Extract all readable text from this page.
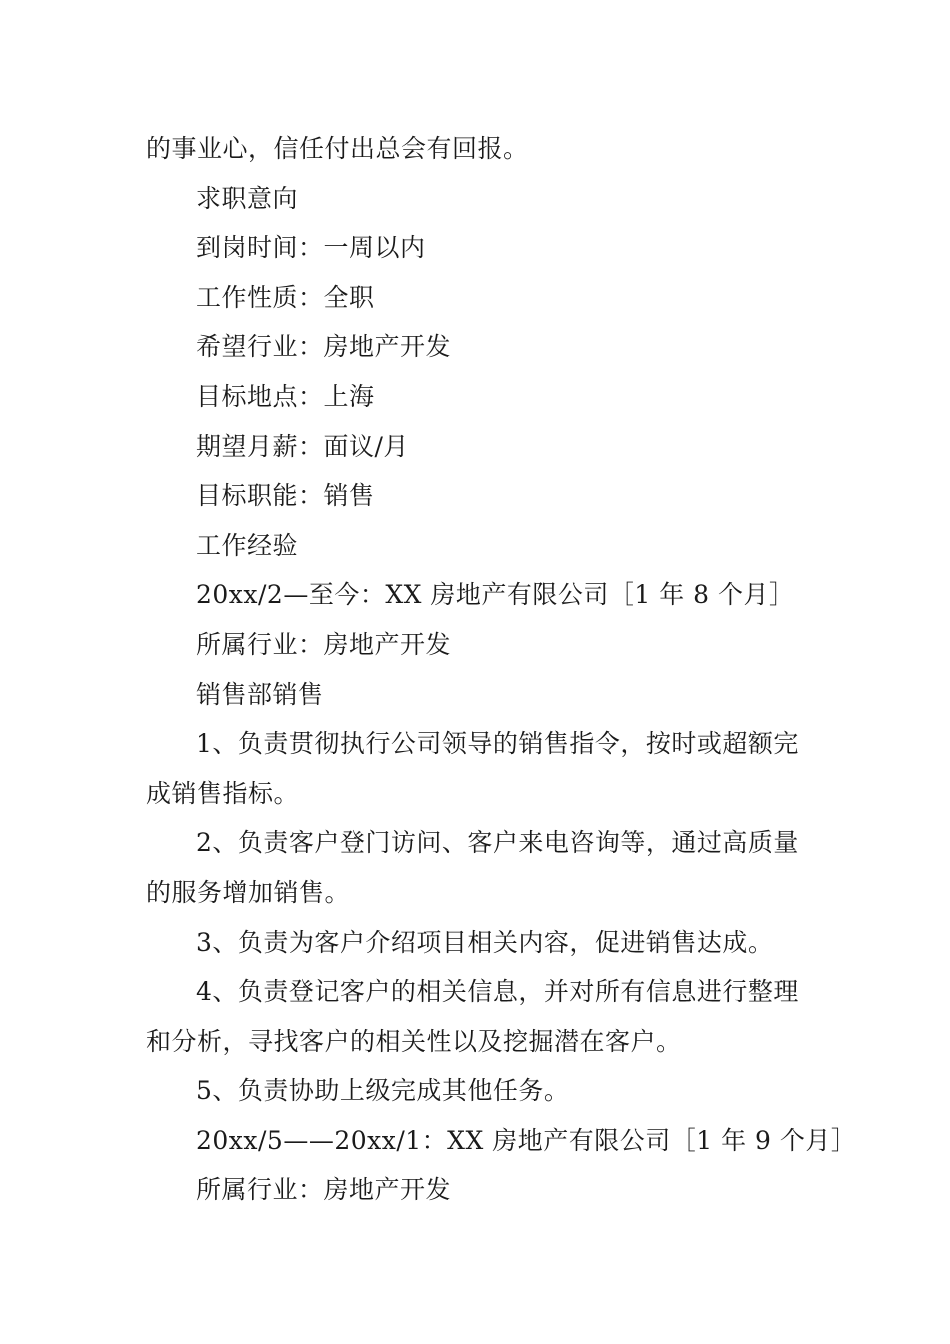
的事业心，信任付出总会有回报。

求职意向

到岗时间：一周以内

工作性质：全职

希望行业：房地产开发

目标地点：上海

期望月薪：面议/月

目标职能：销售

工作经验

20xx/2—至今：XX 房地产有限公司［1 年 8 个月］

所属行业：房地产开发

销售部销售

1、负责贯彻执行公司领导的销售指令，按时或超额完

成销售指标。

2、负责客户登门访问、客户来电咨询等，通过高质量

的服务增加销售。

3、负责为客户介绍项目相关内容，促进销售达成。

4、负责登记客户的相关信息，并对所有信息进行整理

和分析，寻找客户的相关性以及挖掘潜在客户。

5、负责协助上级完成其他任务。

20xx/5——20xx/1：XX 房地产有限公司［1 年 9 个月］

所属行业：房地产开发
